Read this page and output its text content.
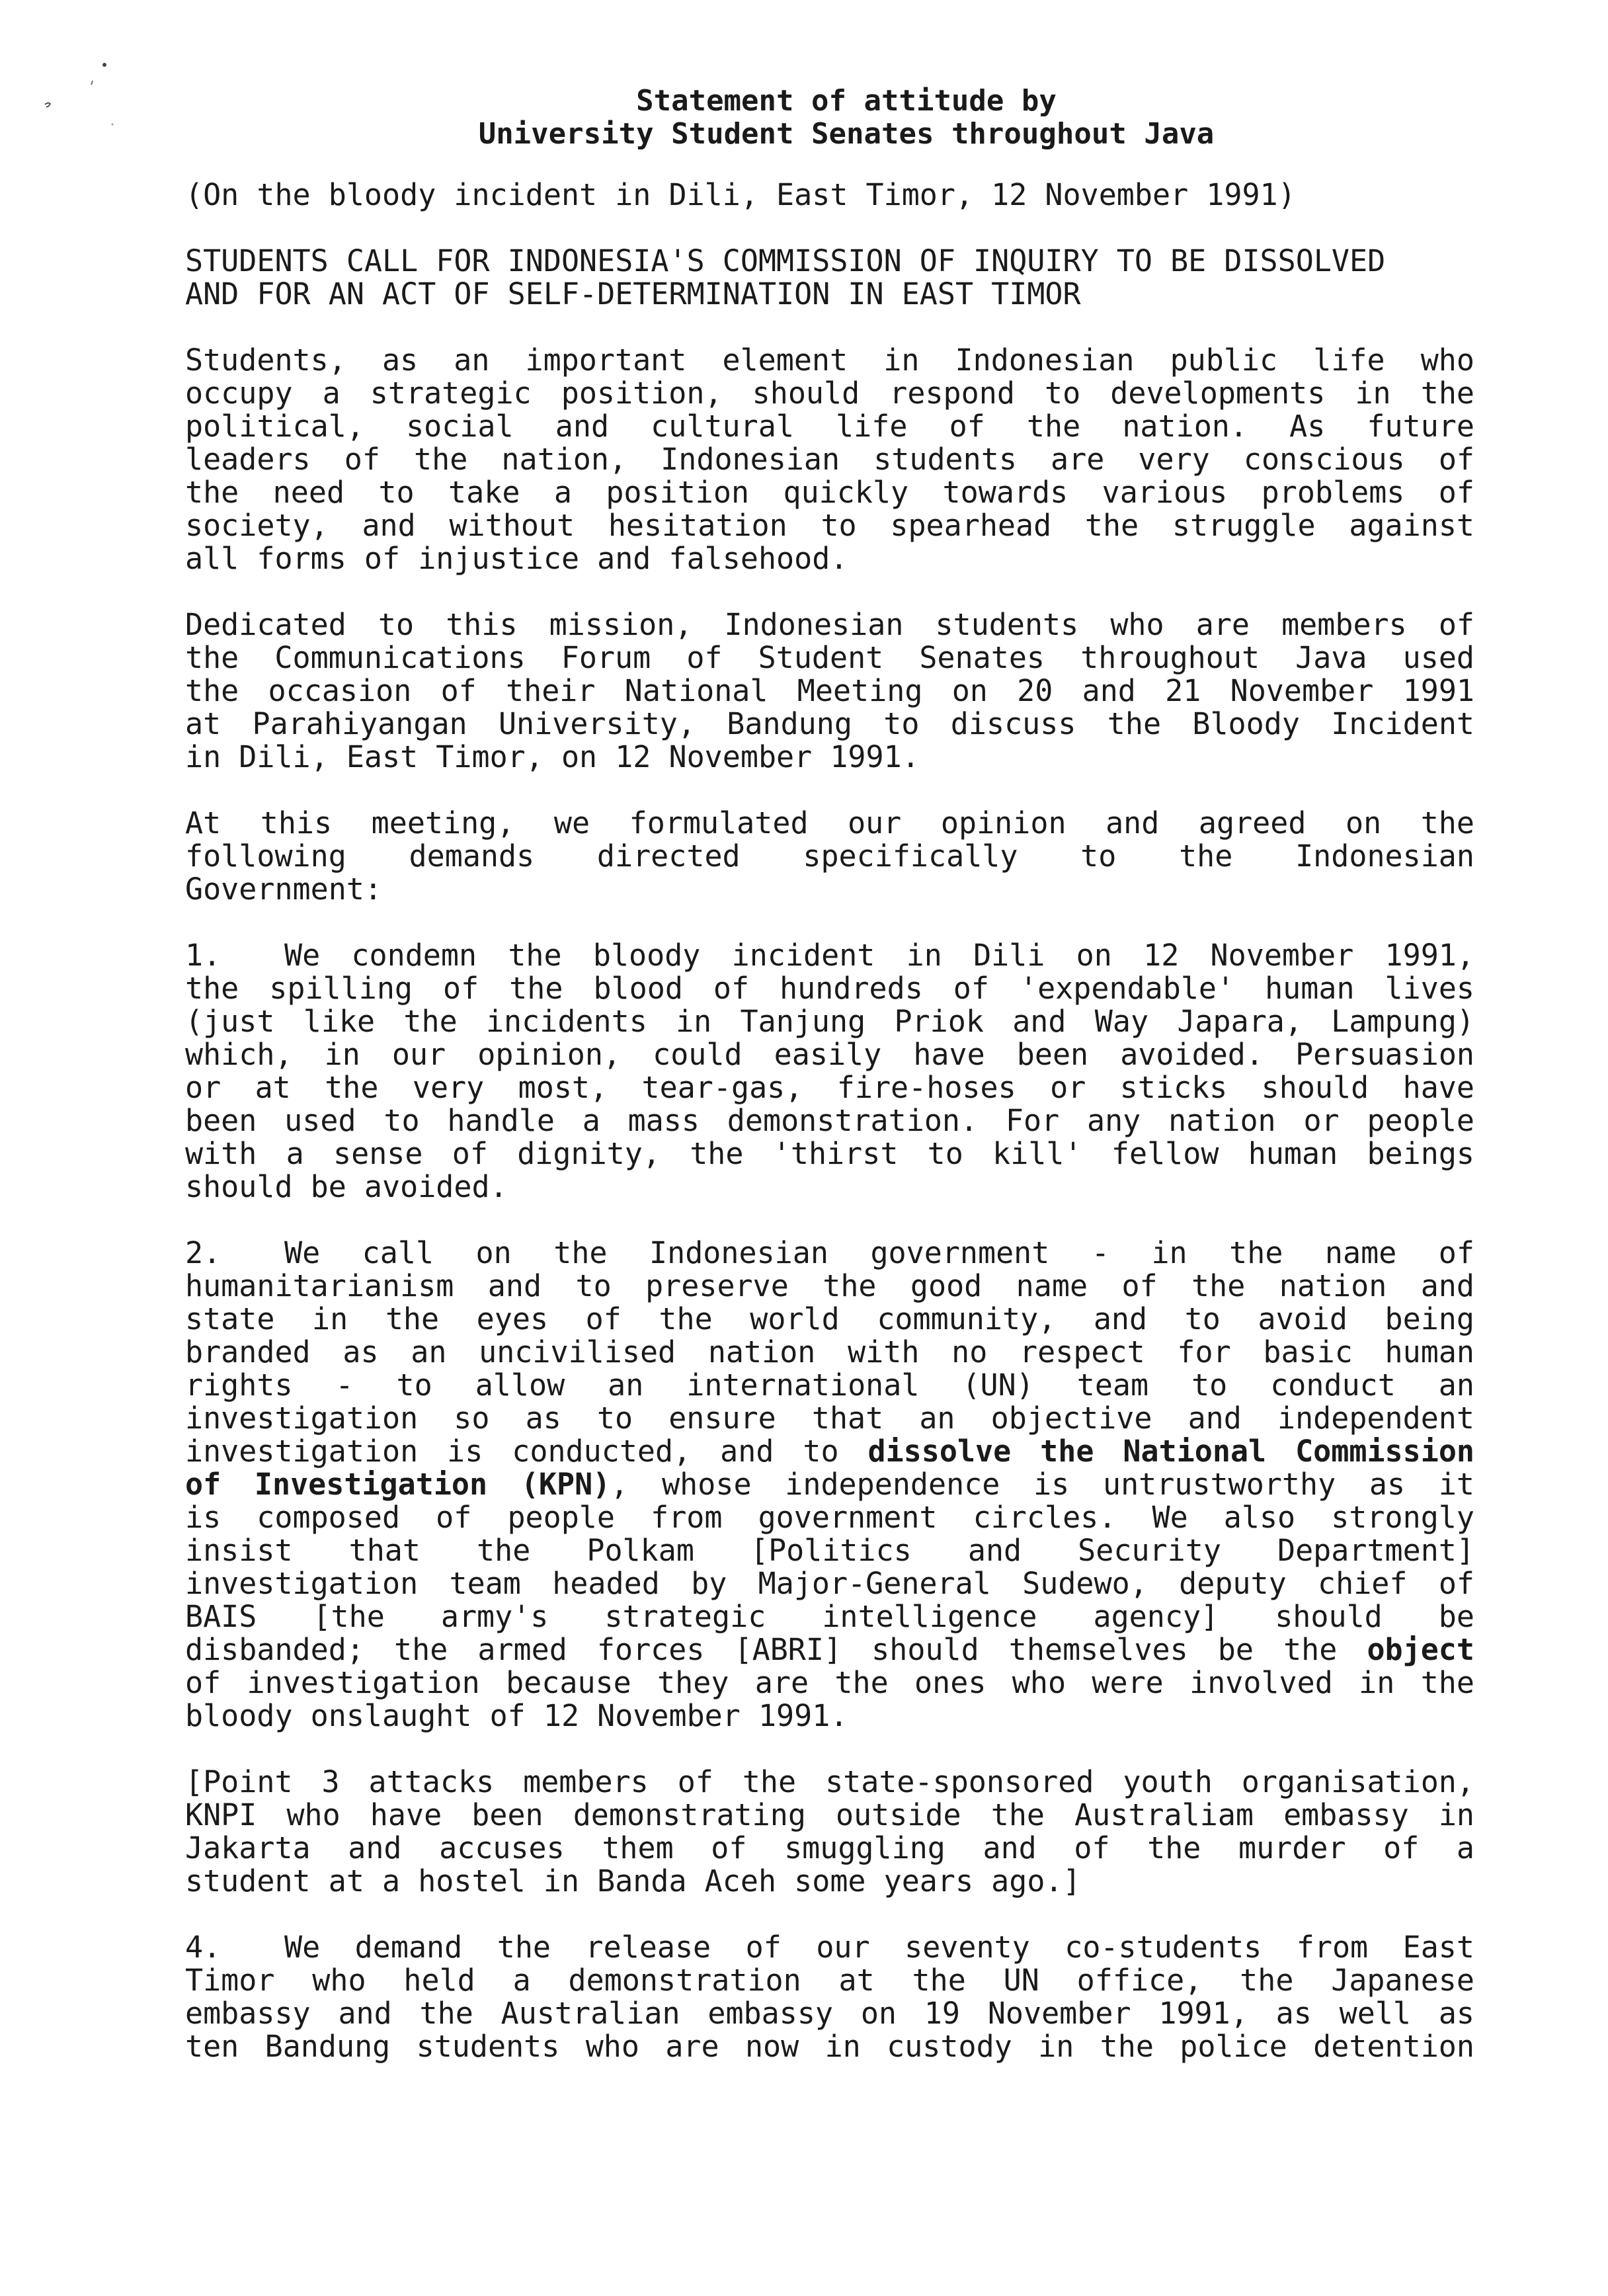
Statement of attitude by
University Student Senates throughout Java
(On the bloody incident in Dili, East Timor, 12 November 1991)
STUDENTS CALL FOR INDONESIA'S COMMISSION OF INQUIRY TO BE DISSOLVED
AND FOR AN ACT OF SELF-DETERMINATION IN EAST TIMOR
Students, as an important element in Indonesian public life who
occupy a strategic position, should respond to developments in the
political, social and cultural life of the nation. As future
leaders of the nation, Indonesian students are very conscious of
the need to take a position quickly towards various problems of
society, and without hesitation to spearhead the struggle against
all forms of injustice and falsehood.
Dedicated to this mission, Indonesian students who are members of
the Communications Forum of Student Senates throughout Java used
the occasion of their National Meeting on 20 and 21 November 1991
at Parahiyangan University, Bandung to discuss the Bloody Incident
in Dili, East Timor, on 12 November 1991.
At this meeting, we formulated our opinion and agreed on the
following demands directed specifically to the Indonesian
Government:
1. We condemn the bloody incident in Dili on 12 November 1991,
the spilling of the blood of hundreds of 'expendable' human lives
(just like the incidents in Tanjung Priok and Way Japara, Lampung)
which, in our opinion, could easily have been avoided. Persuasion
or at the very most, tear-gas, fire-hoses or sticks should have
been used to handle a mass demonstration. For any nation or people
with a sense of dignity, the 'thirst to kill' fellow human beings
should be avoided.
2. We call on the Indonesian government - in the name of
humanitarianism and to preserve the good name of the nation and
state in the eyes of the world community, and to avoid being
branded as an uncivilised nation with no respect for basic human
rights - to allow an international (UN) team to conduct an
investigation so as to ensure that an objective and independent
investigation is conducted, and to dissolve the National Commission
of Investigation (KPN), whose independence is untrustworthy as it
is composed of people from government circles. We also strongly
insist that the Polkam [Politics and Security Department]
investigation team headed by Major-General Sudewo, deputy chief of
BAIS [the army's strategic intelligence agency] should be
disbanded; the armed forces [ABRI] should themselves be the object
of investigation because they are the ones who were involved in the
bloody onslaught of 12 November 1991.
[Point 3 attacks members of the state-sponsored youth organisation,
KNPI who have been demonstrating outside the Australiam embassy in
Jakarta and accuses them of smuggling and of the murder of a
student at a hostel in Banda Aceh some years ago.]
4. We demand the release of our seventy co-students from East
Timor who held a demonstration at the UN office, the Japanese
embassy and the Australian embassy on 19 November 1991, as well as
ten Bandung students who are now in custody in the police detention
